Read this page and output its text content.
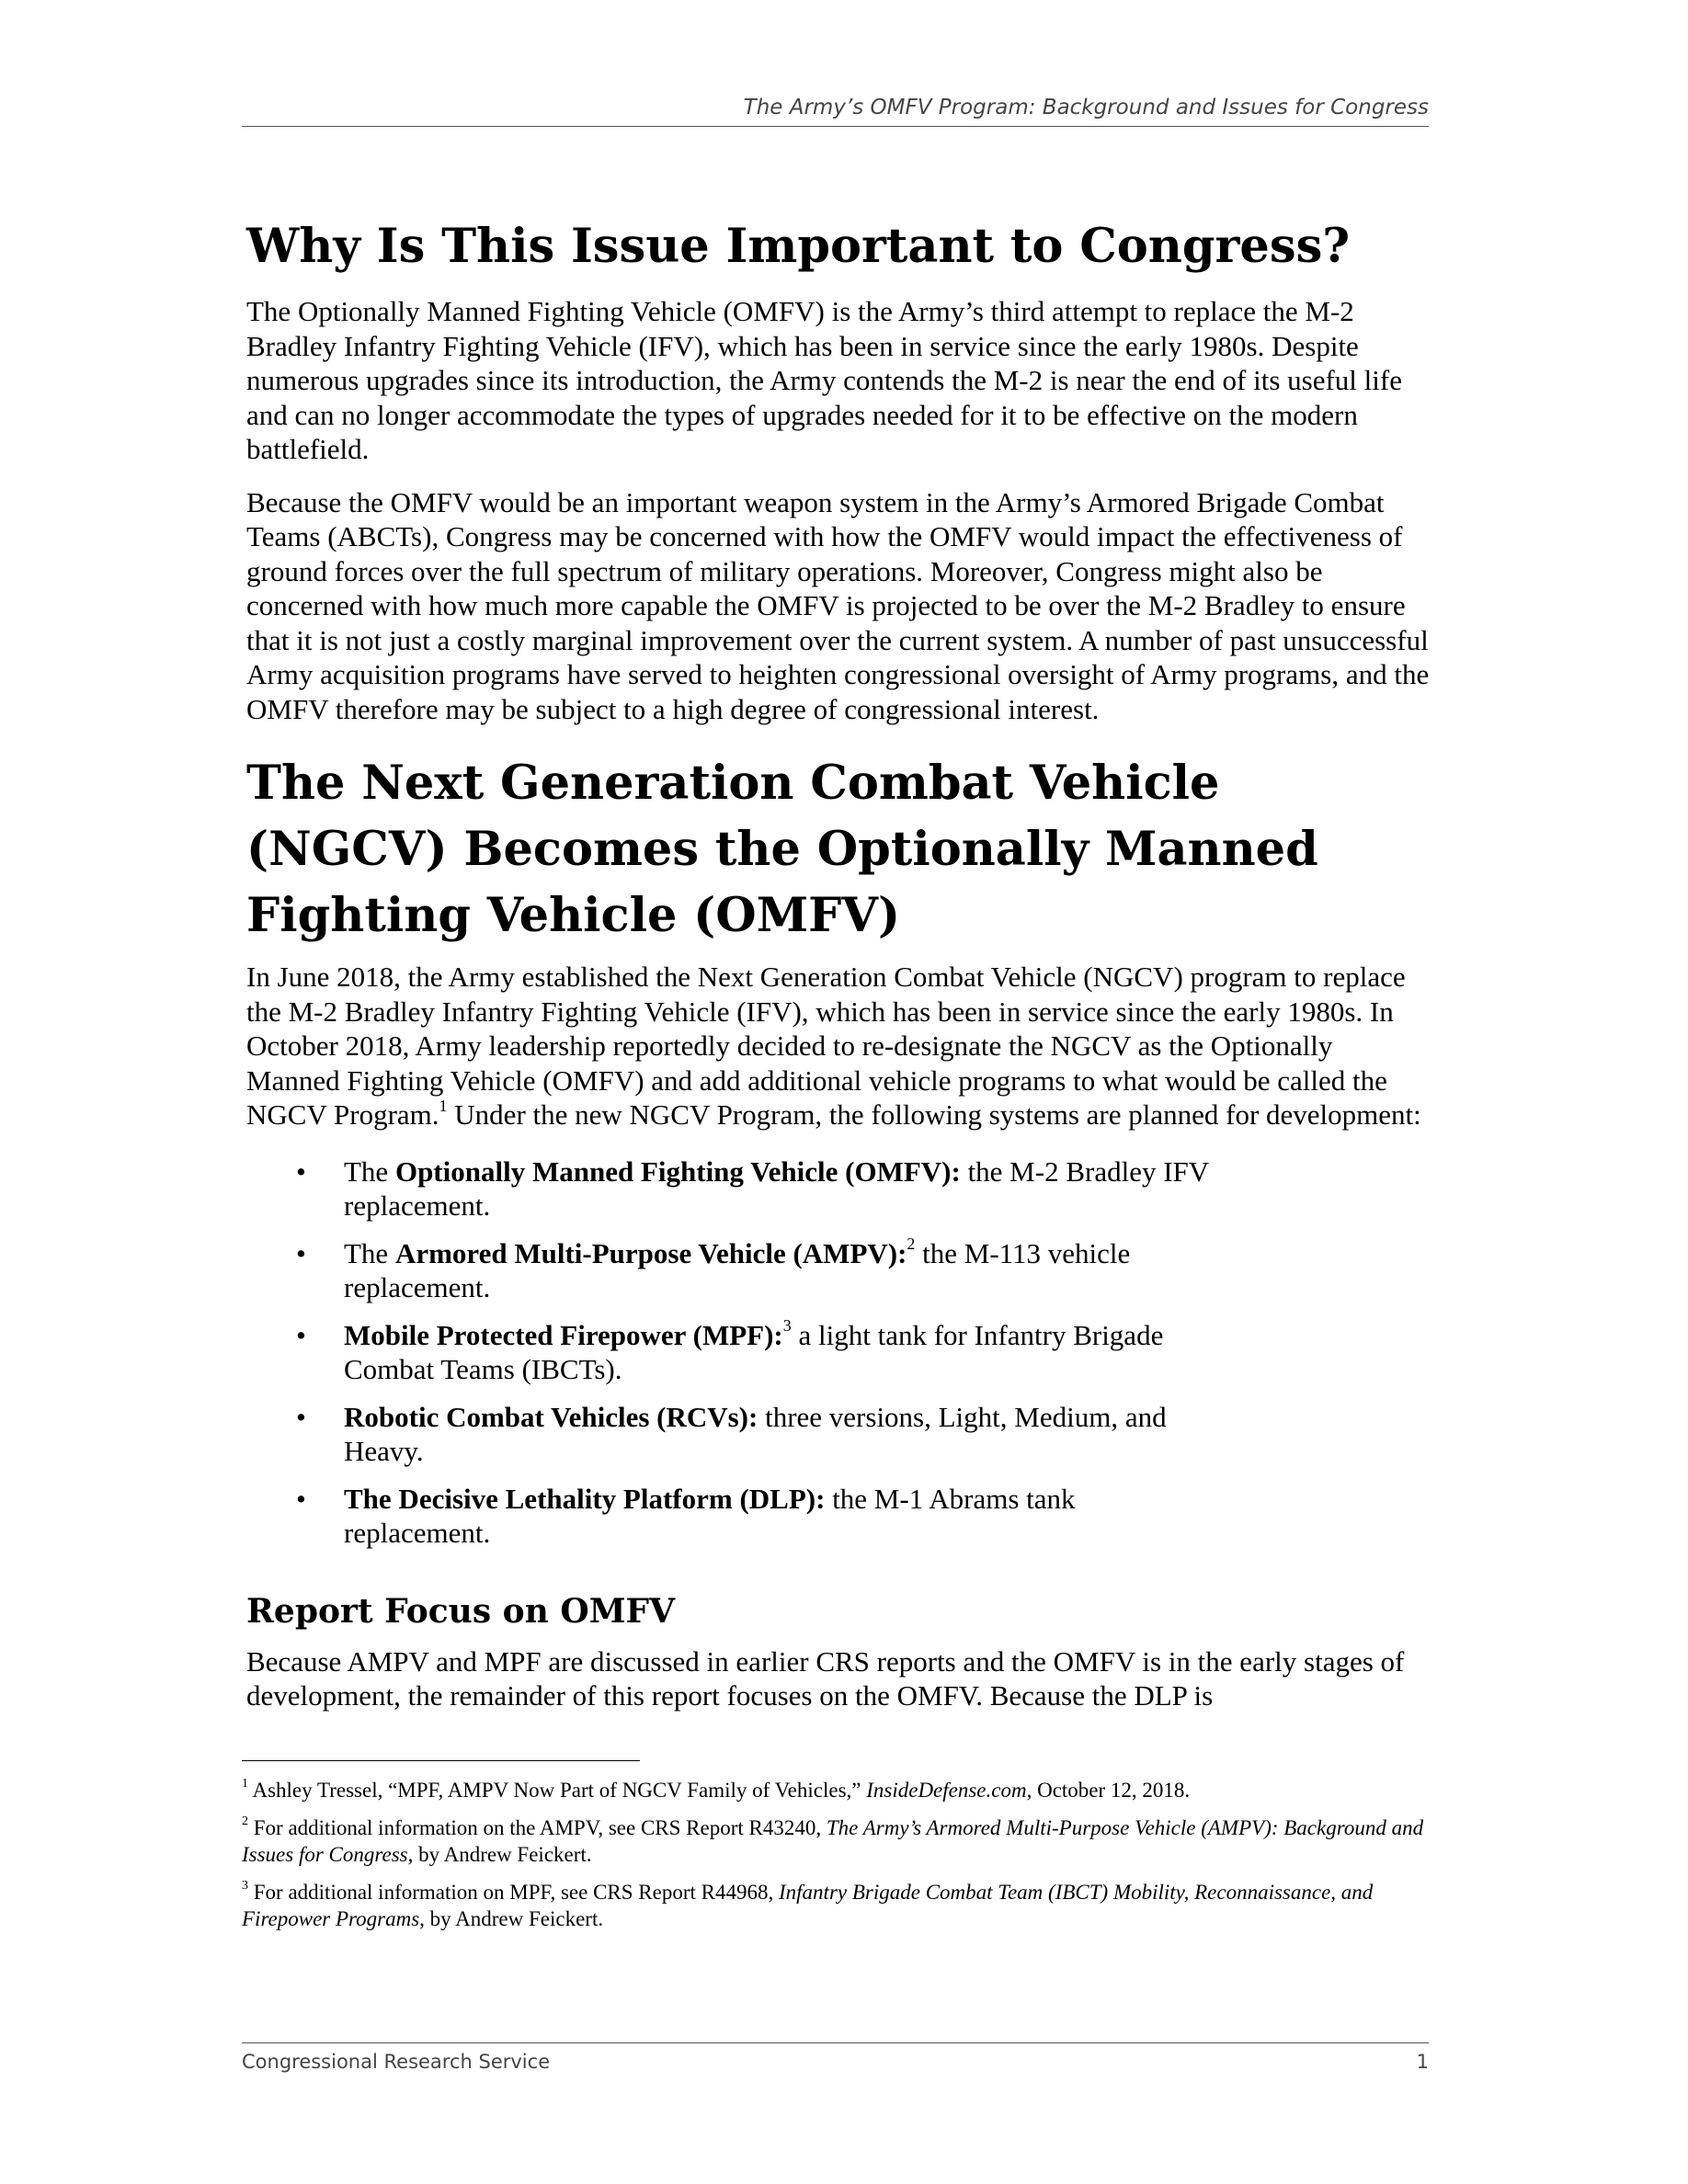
The Army’s OMFV Program: Background and Issues for Congress
Why Is This Issue Important to Congress?

The Optionally Manned Fighting Vehicle (OMFV) is the Army’s third attempt to replace the M-2 Bradley Infantry Fighting Vehicle (IFV), which has been in service since the early 1980s. Despite numerous upgrades since its introduction, the Army contends the M-2 is near the end of its useful life and can no longer accommodate the types of upgrades needed for it to be effective on the modern battlefield.

Because the OMFV would be an important weapon system in the Army’s Armored Brigade Combat Teams (ABCTs), Congress may be concerned with how the OMFV would impact the effectiveness of ground forces over the full spectrum of military operations. Moreover, Congress might also be concerned with how much more capable the OMFV is projected to be over the M-2 Bradley to ensure that it is not just a costly marginal improvement over the current system. A number of past unsuccessful Army acquisition programs have served to heighten congressional oversight of Army programs, and the OMFV therefore may be subject to a high degree of congressional interest.

The Next Generation Combat Vehicle (NGCV) Becomes the Optionally Manned Fighting Vehicle (OMFV)

In June 2018, the Army established the Next Generation Combat Vehicle (NGCV) program to replace the M-2 Bradley Infantry Fighting Vehicle (IFV), which has been in service since the early 1980s. In October 2018, Army leadership reportedly decided to re-designate the NGCV as the Optionally Manned Fighting Vehicle (OMFV) and add additional vehicle programs to what would be called the NGCV Program.$^1$ Under the new NGCV Program, the following systems are planned for development:

• The Optionally Manned Fighting Vehicle (OMFV): the M-2 Bradley IFV replacement.
• The Armored Multi-Purpose Vehicle (AMPV):$^2$ the M-113 vehicle replacement.
• Mobile Protected Firepower (MPF):$^3$ a light tank for Infantry Brigade Combat Teams (IBCTs).
• Robotic Combat Vehicles (RCVs): three versions, Light, Medium, and Heavy.
• The Decisive Lethality Platform (DLP): the M-1 Abrams tank replacement.
Report Focus on OMFV

Because AMPV and MPF are discussed in earlier CRS reports and the OMFV is in the early stages of development, the remainder of this report focuses on the OMFV. Because the DLP is

$^1$ Ashley Tressel, “MPF, AMPV Now Part of NGCV Family of Vehicles,” InsideDefense.com, October 12, 2018.

$^2$ For additional information on the AMPV, see CRS Report R43240, The Army’s Armored Multi-Purpose Vehicle (AMPV): Background and Issues for Congress, by Andrew Feickert.

$^3$ For additional information on MPF, see CRS Report R44968, Infantry Brigade Combat Team (IBCT) Mobility, Reconnaissance, and Firepower Programs, by Andrew Feickert.

Congressional Research Service	1
